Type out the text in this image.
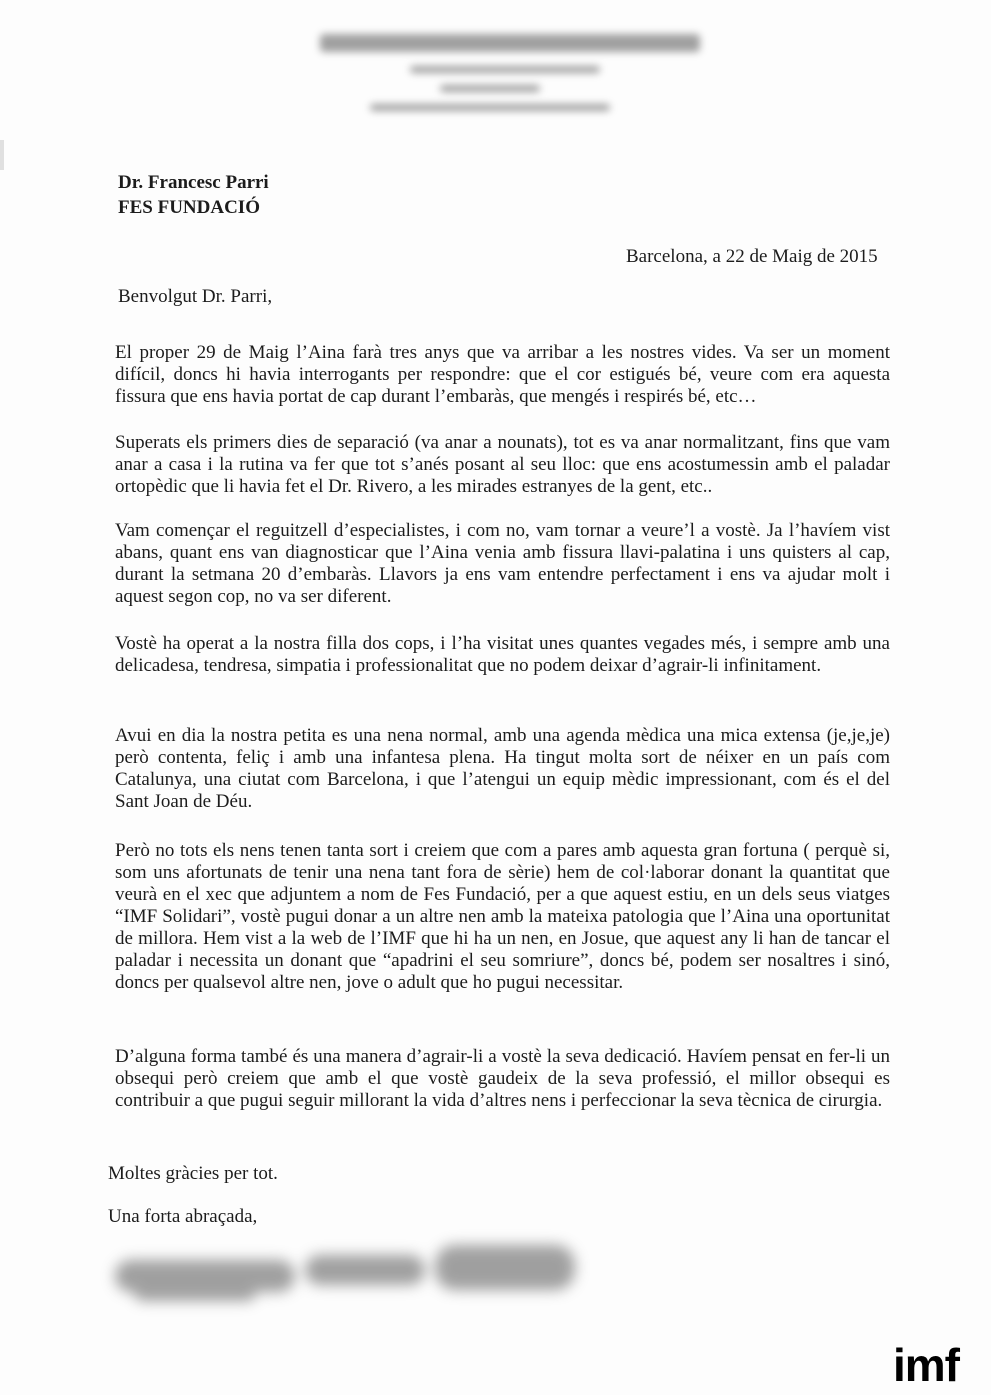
Dr. Francesc Parri
FES FUNDACIÓ
Barcelona, a 22 de Maig de 2015
Benvolgut Dr. Parri,

El proper 29 de Maig l’Aina farà tres anys que va arribar a les nostres vides. Va ser un moment difícil, doncs hi havia interrogants per respondre: que el cor estigués bé, veure com era aquesta fissura que ens havia portat de cap durant l’embaràs, que mengés i respirés bé, etc…

Superats els primers dies de separació (va anar a nounats), tot es va anar normalitzant, fins que vam anar a casa i la rutina va fer que tot s’anés posant al seu lloc: que ens acostumessin amb el paladar ortopèdic que li havia fet el Dr. Rivero, a les mirades estranyes de la gent, etc..

Vam començar el reguitzell d’especialistes, i com no, vam tornar a veure’l a vostè. Ja l’havíem vist abans, quant ens van diagnosticar que l’Aina venia amb fissura llavi-palatina i uns quisters al cap, durant la setmana 20 d’embaràs. Llavors ja ens vam entendre perfectament i ens va ajudar molt i aquest segon cop, no va ser diferent.

Vostè ha operat a la nostra filla dos cops, i l’ha visitat unes quantes vegades més, i sempre amb una delicadesa, tendresa, simpatia i professionalitat que no podem deixar d’agrair-li infinitament.

Avui en dia la nostra petita es una nena normal, amb una agenda mèdica una mica extensa (je,je,je) però contenta, feliç i amb una infantesa plena. Ha tingut molta sort de néixer en un país com Catalunya, una ciutat com Barcelona, i que l’atengui un equip mèdic impressionant, com és el del Sant Joan de Déu.

Però no tots els nens tenen tanta sort i creiem que com a pares amb aquesta gran fortuna ( perquè si, som uns afortunats de tenir una nena tant fora de sèrie) hem de col·laborar donant la quantitat que veurà en el xec que adjuntem a nom de Fes Fundació, per a que aquest estiu, en un dels seus viatges “IMF Solidari”, vostè pugui donar a un altre nen amb la mateixa patologia que l’Aina una oportunitat de millora. Hem vist a la web de l’IMF que hi ha un nen, en Josue, que aquest any li han de tancar el paladar i necessita un donant que “apadrini el seu somriure”, doncs bé, podem ser nosaltres i sinó, doncs per qualsevol altre nen, jove o adult que ho pugui necessitar.

D’alguna forma també és una manera d’agrair-li a vostè la seva dedicació. Havíem pensat en fer-li un obsequi però creiem que amb el que vostè gaudeix de la seva professió, el millor obsequi es contribuir a que pugui seguir millorant la vida d’altres nens i perfeccionar la seva tècnica de cirurgia.

Moltes gràcies per tot.
Una forta abraçada,
imf
